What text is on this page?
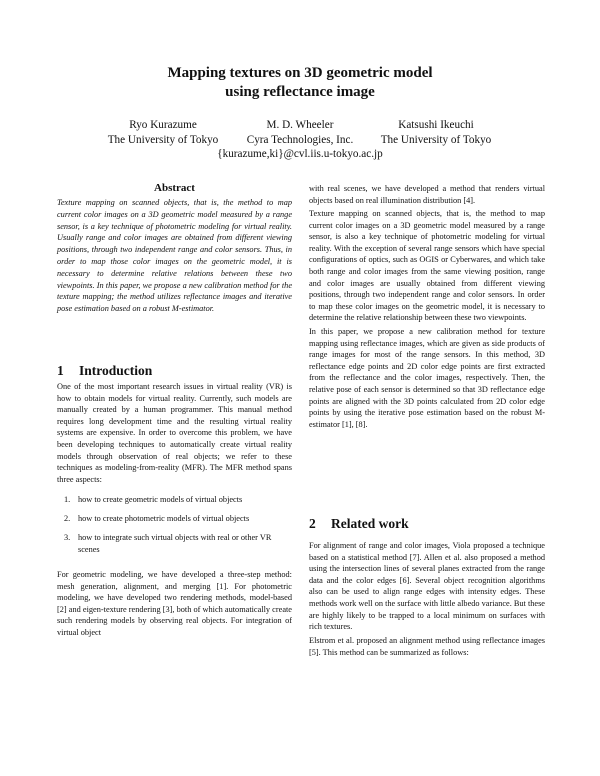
Mapping textures on 3D geometric model
using reflectance image
Ryo Kurazume	M. D. Wheeler	Katsushi Ikeuchi
The University of Tokyo	Cyra Technologies, Inc.	The University of Tokyo
{kurazume,ki}@cvl.iis.u-tokyo.ac.jp
Abstract

Texture mapping on scanned objects, that is, the method to map current color images on a 3D geometric model measured by a range sensor, is a key technique of photometric modeling for virtual reality. Usually range and color images are obtained from different viewing positions, through two independent range and color sensors. Thus, in order to map those color images on the geometric model, it is necessary to determine relative relations between these two viewpoints. In this paper, we propose a new calibration method for the texture mapping; the method utilizes reflectance images and iterative pose estimation based on a robust M-estimator.

1 Introduction

One of the most important research issues in virtual reality (VR) is how to obtain models for virtual reality. Currently, such models are manually created by a human programmer. This manual method requires long development time and the resulting virtual reality systems are expensive. In order to overcome this problem, we have been developing techniques to automatically create virtual reality models through observation of real objects; we refer to these techniques as modeling-from-reality (MFR). The MFR method spans three aspects:

1. how to create geometric models of virtual objects
2. how to create photometric models of virtual objects
3. how to integrate such virtual objects with real or other VR scenes

For geometric modeling, we have developed a three-step method: mesh generation, alignment, and merging [1]. For photometric modeling, we have developed two rendering methods, model-based [2] and eigen-texture rendering [3], both of which automatically create such rendering models by observing real objects. For integration of virtual object

with real scenes, we have developed a method that renders virtual objects based on real illumination distribution [4].

Texture mapping on scanned objects, that is, the method to map current color images on a 3D geometric model measured by a range sensor, is also a key technique of photometric modeling for virtual reality. With the exception of several range sensors which have special configurations of optics, such as OGIS or Cyberwares, and which take both range and color images from the same viewing position, range and color images are usually obtained from different viewing positions, through two independent range and color sensors. In order to map these color images on the geometric model, it is necessary to determine the relative relationship between these two viewpoints.

In this paper, we propose a new calibration method for texture mapping using reflectance images, which are given as side products of range images for most of the range sensors. In this method, 3D reflectance edge points and 2D color edge points are first extracted from the reflectance and the color images, respectively. Then, the relative pose of each sensor is determined so that 3D reflectance edge points are aligned with the 3D points calculated from 2D color edge points by using the iterative pose estimation based on the robust M-estimator [1], [8].

2 Related work

For alignment of range and color images, Viola proposed a technique based on a statistical method [7]. Allen et al. also proposed a method using the intersection lines of several planes extracted from the range data and the color edges [6]. Several object recognition algorithms also can be used to align range edges with intensity edges. These methods work well on the surface with little albedo variance. But these are highly likely to be trapped to a local minimum on surfaces with rich textures.

Elstrom et al. proposed an alignment method using reflectance images [5]. This method can be summarized as follows:
